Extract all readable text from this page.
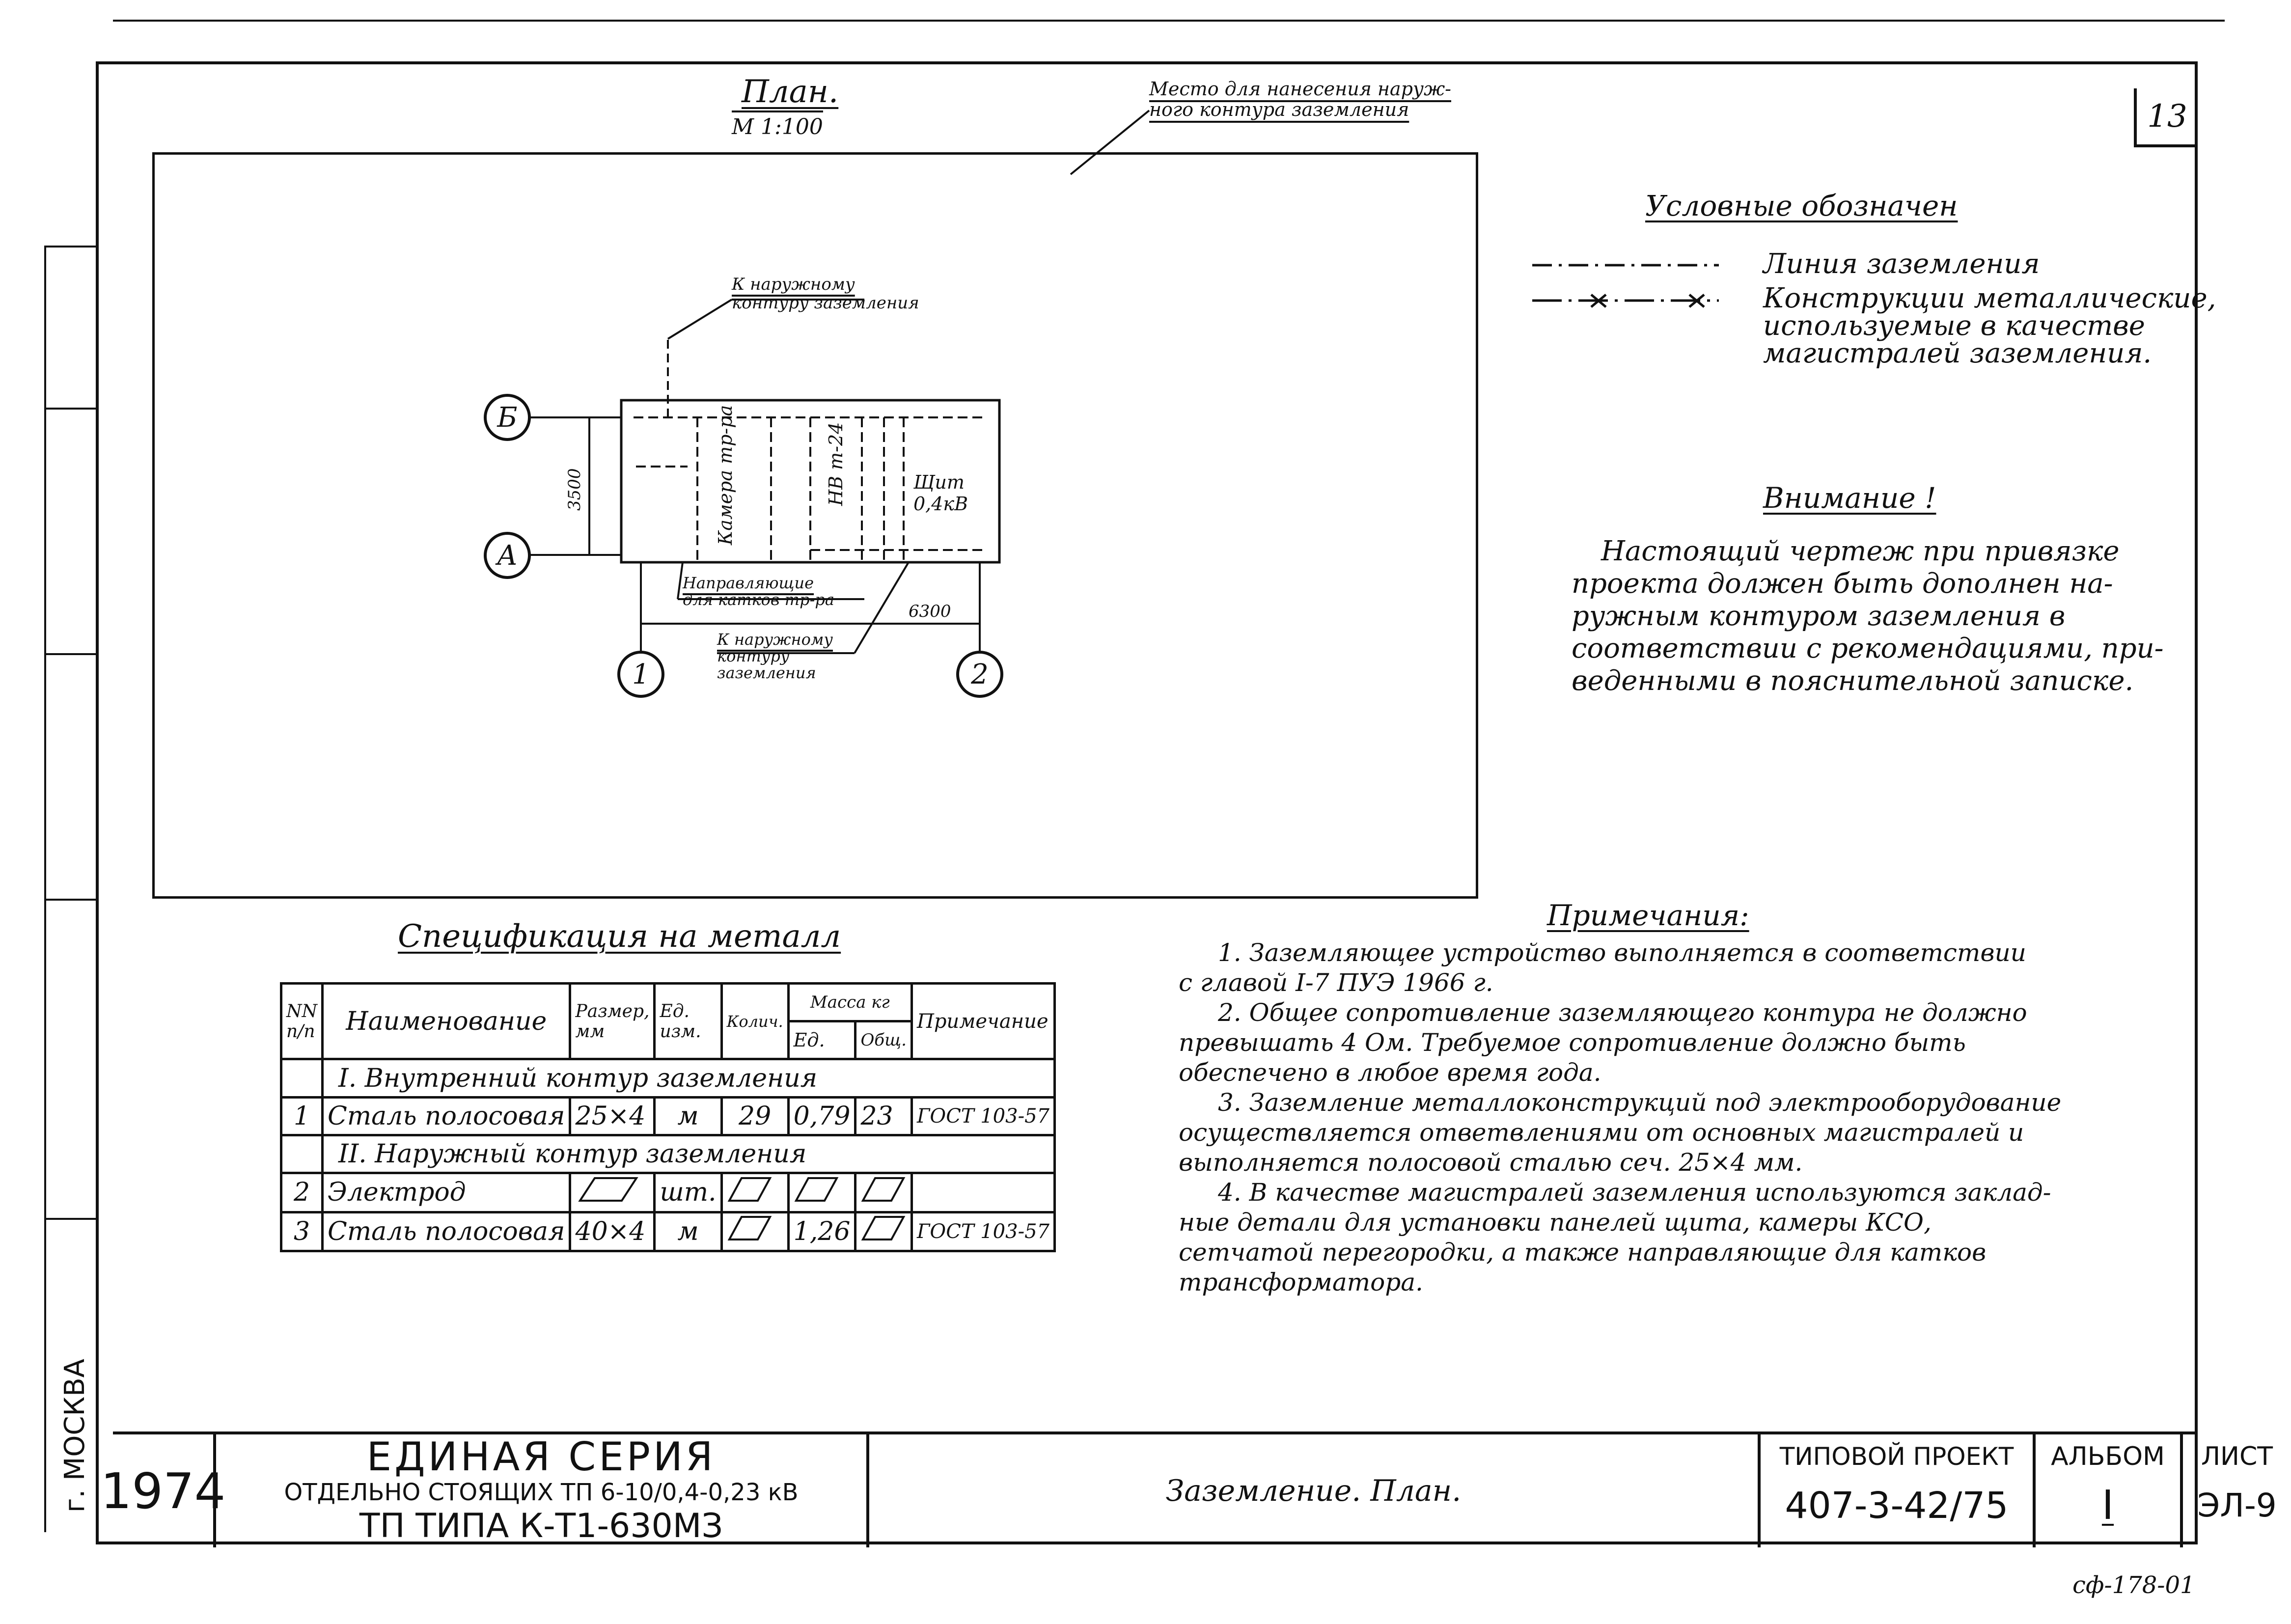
г. МОСКВА
13
План.
М 1:100
Место для нанесения наруж-
ного контура заземления
К наружному
контуру заземления
Б
А
1	2
3500
6300
Камера тр-ра	НВ т-24	Щит 0,4кВ
Направляющие
для катков тр-ра
К наружному
контуру
заземления
Условные обозначен
Линия заземления
Конструкции металлические,
используемые в качестве
магистралей заземления.
Внимание !
Настоящий чертеж при привязке
проекта должен быть дополнен на-
ружным контуром заземления в
соответствии с рекомендациями, при-
веденными в пояснительной записке.
Спецификация на металл
NN п/п	Наименование	Размер, мм	Ед. изм.	Колич.	Масса кг		Примечание
					Ед.	Общ.	
	I. Внутренний контур заземления						
1	Сталь полосовая	25×4	м	29	0,79	23	ГОСТ 103-57
	II. Наружный контур заземления						
2	Электрод		шт.				
3	Сталь полосовая	40×4	м		1,26		ГОСТ 103-57
Примечания:
1. Заземляющее устройство выполняется в соответствии
с главой I-7 ПУЭ 1966 г.
2. Общее сопротивление заземляющего контура не должно
превышать 4 Ом. Требуемое сопротивление должно быть
обеспечено в любое время года.
3. Заземление металлоконструкций под электрооборудование
осуществляется ответвлениями от основных магистралей и
выполняется полосовой сталью сеч. 25×4 мм.
4. В качестве магистралей заземления используются заклад-
ные детали для установки панелей щита, камеры КСО,
сетчатой перегородки, а также направляющие для катков
трансформатора.
1974
ЕДИНАЯ СЕРИЯ
ОТДЕЛЬНО СТОЯЩИХ ТП 6-10/0,4-0,23 кВ
ТП ТИПА К-Т1-630МЗ
Заземление. План.
ТИПОВОЙ ПРОЕКТ
407-3-42/75
АЛЬБОМ
I
ЛИСТ
ЭЛ-9
сф-178-01
